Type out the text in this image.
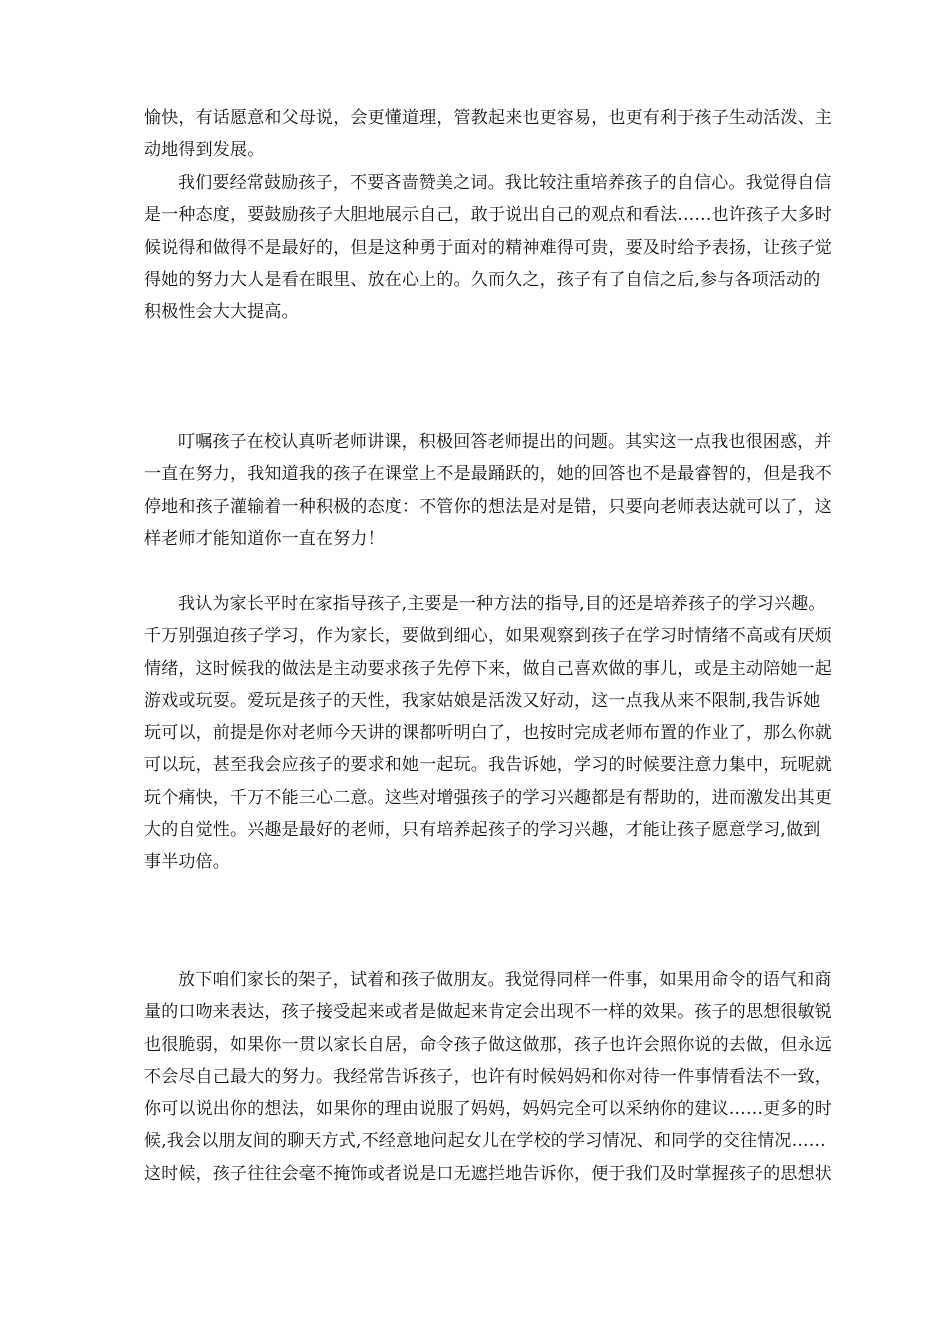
愉快，有话愿意和父母说，会更懂道理，管教起来也更容易，也更有利于孩子生动活泼、主
动地得到发展。
我们要经常鼓励孩子，不要吝啬赞美之词。我比较注重培养孩子的自信心。我觉得自信
是一种态度，要鼓励孩子大胆地展示自己，敢于说出自己的观点和看法……也许孩子大多时
候说得和做得不是最好的，但是这种勇于面对的精神难得可贵，要及时给予表扬，让孩子觉
得她的努力大人是看在眼里、放在心上的。久而久之，孩子有了自信之后,参与各项活动的
积极性会大大提高。
叮嘱孩子在校认真听老师讲课，积极回答老师提出的问题。其实这一点我也很困惑，并
一直在努力，我知道我的孩子在课堂上不是最踊跃的，她的回答也不是最睿智的，但是我不
停地和孩子灌输着一种积极的态度：不管你的想法是对是错，只要向老师表达就可以了，这
样老师才能知道你一直在努力！
我认为家长平时在家指导孩子,主要是一种方法的指导,目的还是培养孩子的学习兴趣。
千万别强迫孩子学习，作为家长，要做到细心，如果观察到孩子在学习时情绪不高或有厌烦
情绪，这时候我的做法是主动要求孩子先停下来，做自己喜欢做的事儿，或是主动陪她一起
游戏或玩耍。爱玩是孩子的天性，我家姑娘是活泼又好动，这一点我从来不限制,我告诉她
玩可以，前提是你对老师今天讲的课都听明白了，也按时完成老师布置的作业了，那么你就
可以玩，甚至我会应孩子的要求和她一起玩。我告诉她，学习的时候要注意力集中，玩呢就
玩个痛快，千万不能三心二意。这些对增强孩子的学习兴趣都是有帮助的，进而激发出其更
大的自觉性。兴趣是最好的老师，只有培养起孩子的学习兴趣，才能让孩子愿意学习,做到
事半功倍。
放下咱们家长的架子，试着和孩子做朋友。我觉得同样一件事，如果用命令的语气和商
量的口吻来表达，孩子接受起来或者是做起来肯定会出现不一样的效果。孩子的思想很敏锐
也很脆弱，如果你一贯以家长自居，命令孩子做这做那，孩子也许会照你说的去做，但永远
不会尽自己最大的努力。我经常告诉孩子，也许有时候妈妈和你对待一件事情看法不一致，
你可以说出你的想法，如果你的理由说服了妈妈，妈妈完全可以采纳你的建议……更多的时
候,我会以朋友间的聊天方式,不经意地问起女儿在学校的学习情况、和同学的交往情况……
这时候，孩子往往会毫不掩饰或者说是口无遮拦地告诉你，便于我们及时掌握孩子的思想状
